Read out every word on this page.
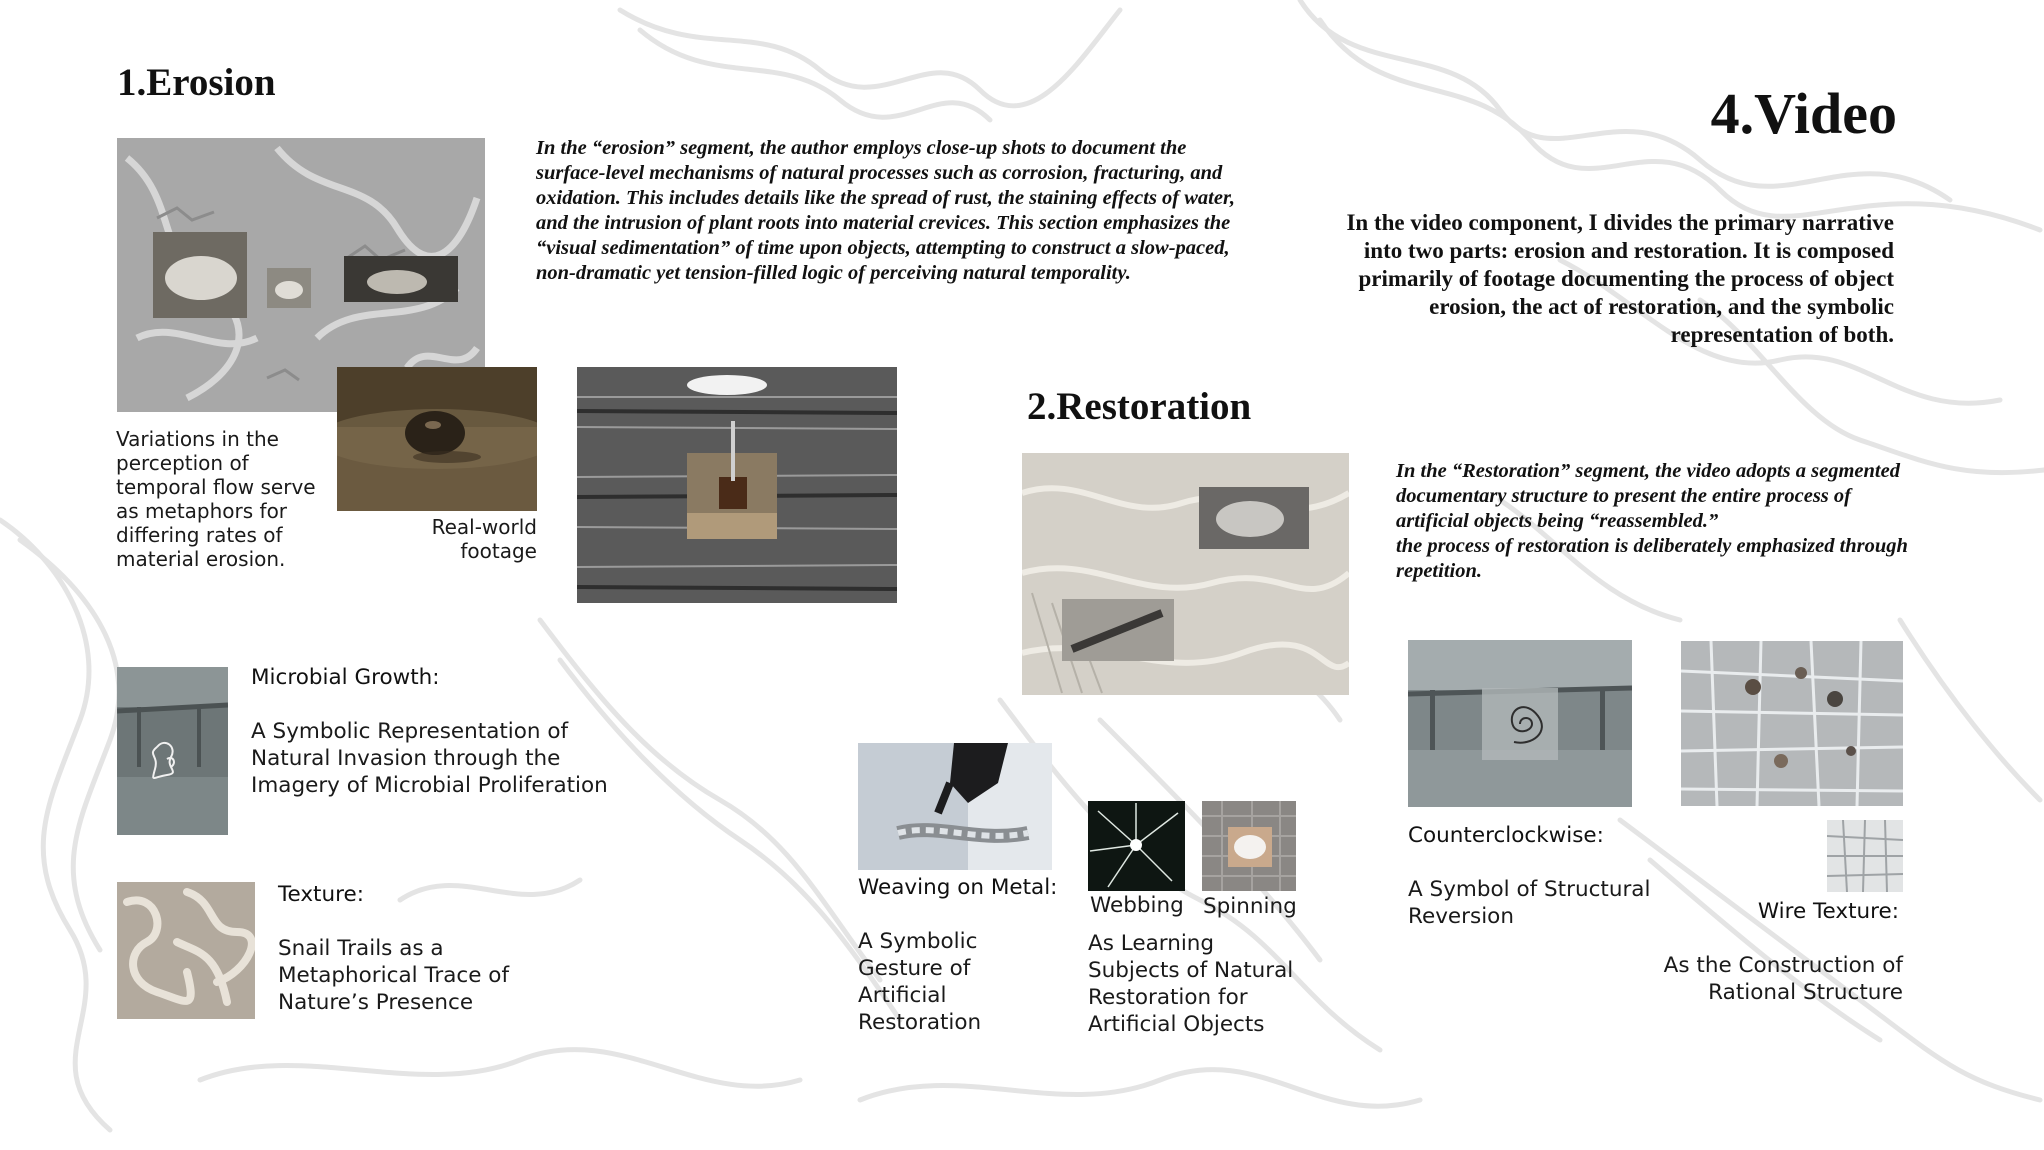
1.Erosion

In the “erosion” segment, the author employs close-up shots to document the surface-level mechanisms of natural processes such as corrosion, fracturing, and oxidation. This includes details like the spread of rust, the staining effects of water, and the intrusion of plant roots into material crevices. This section emphasizes the “visual sedimentation” of time upon objects, attempting to construct a slow-paced, non-dramatic yet tension-filled logic of perceiving natural temporality.

Variations in the perception of temporal flow serve as metaphors for differing rates of material erosion.

Real-world footage

Microbial Growth:

A Symbolic Representation of Natural Invasion through the Imagery of Microbial Proliferation

Texture:

Snail Trails as a Metaphorical Trace of Nature’s Presence

4.Video

In the video component, I divides the primary narrative into two parts: erosion and restoration. It is composed primarily of footage documenting the process of object erosion, the act of restoration, and the symbolic representation of both.

2.Restoration

In the “Restoration” segment, the video adopts a segmented documentary structure to present the entire process of artificial objects being “reassembled.”

the process of restoration is deliberately emphasized through repetition.

Weaving on Metal:

A Symbolic Gesture of Artificial Restoration

Webbing Spinning

As Learning Subjects of Natural Restoration for Artificial Objects

Counterclockwise:

A Symbol of Structural Reversion	Wire Texture:

As the Construction of Rational Structure
